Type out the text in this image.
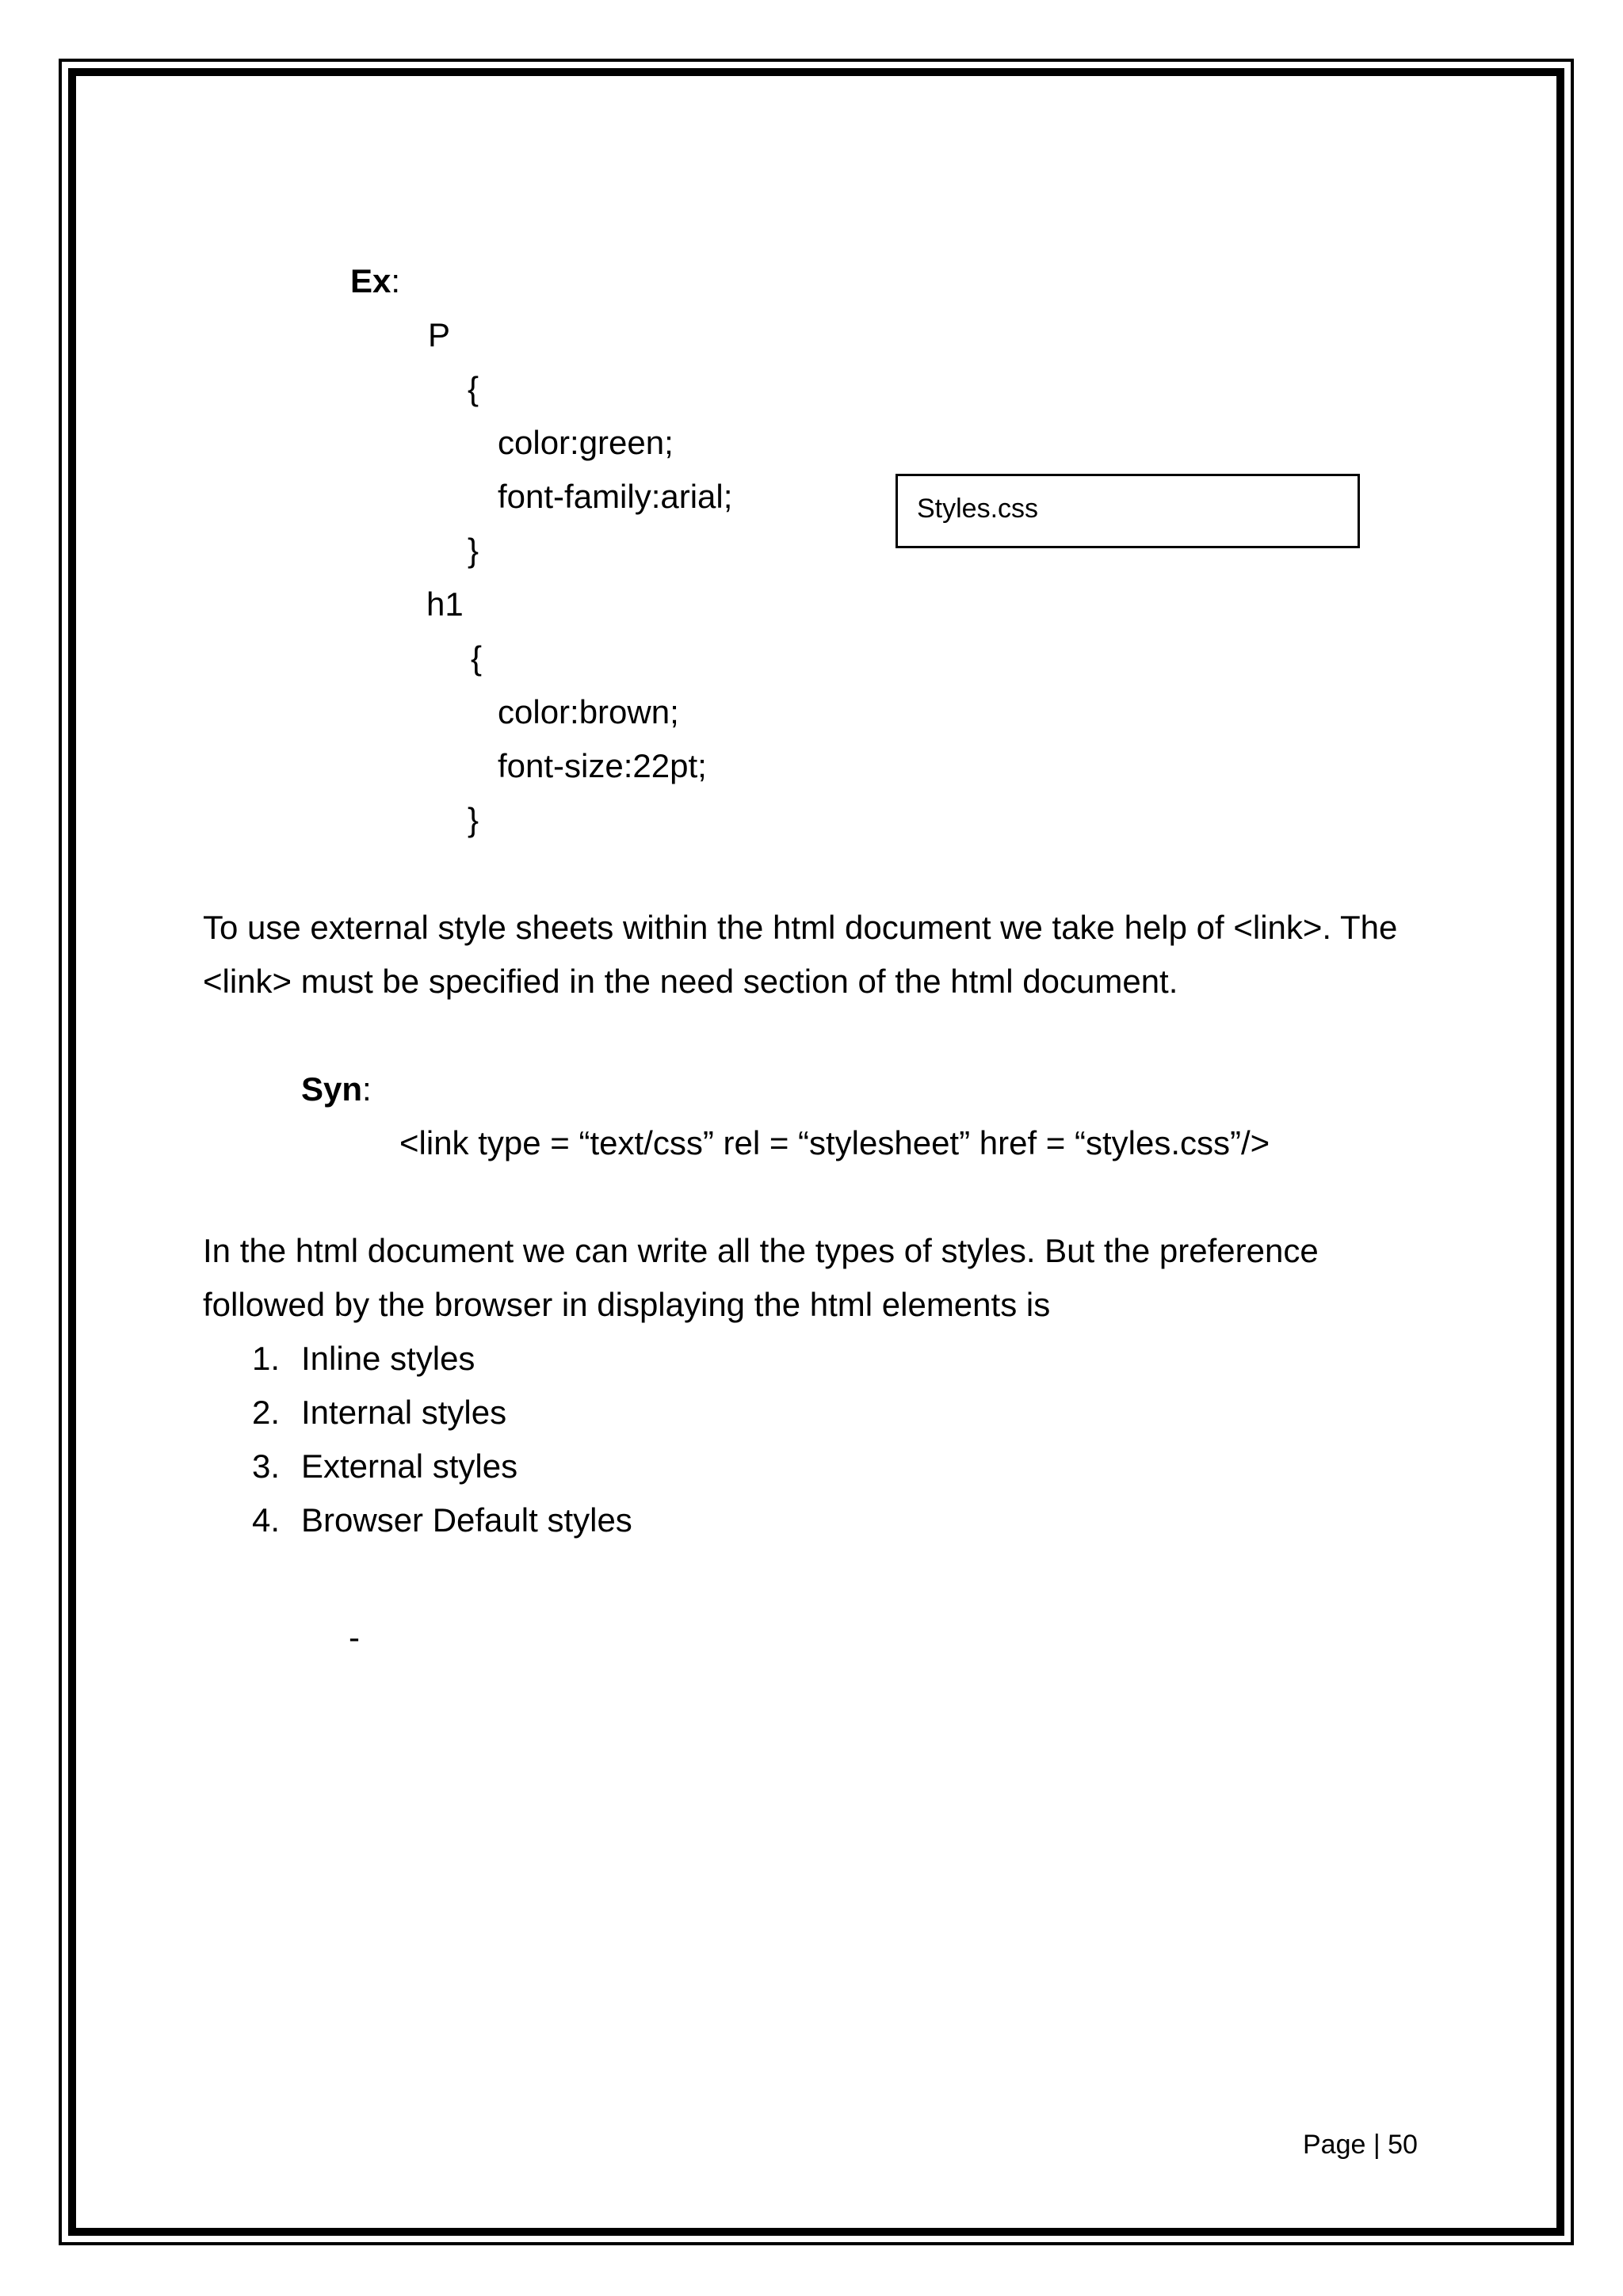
Ex:
P
{
color:green;
font-family:arial;
}
h1
{
color:brown;
font-size:22pt;
}
Styles.css
To use external style sheets within the html document we take help of <link>. The
<link> must be specified in the need section of the html document.
Syn:
<link type = “text/css” rel = “stylesheet” href = “styles.css”/>
In the html document we can write all the types of styles. But the preference
followed by the browser in displaying the html elements is
1. Inline styles
2. Internal styles
3. External styles
4. Browser Default styles
-
Page | 50
